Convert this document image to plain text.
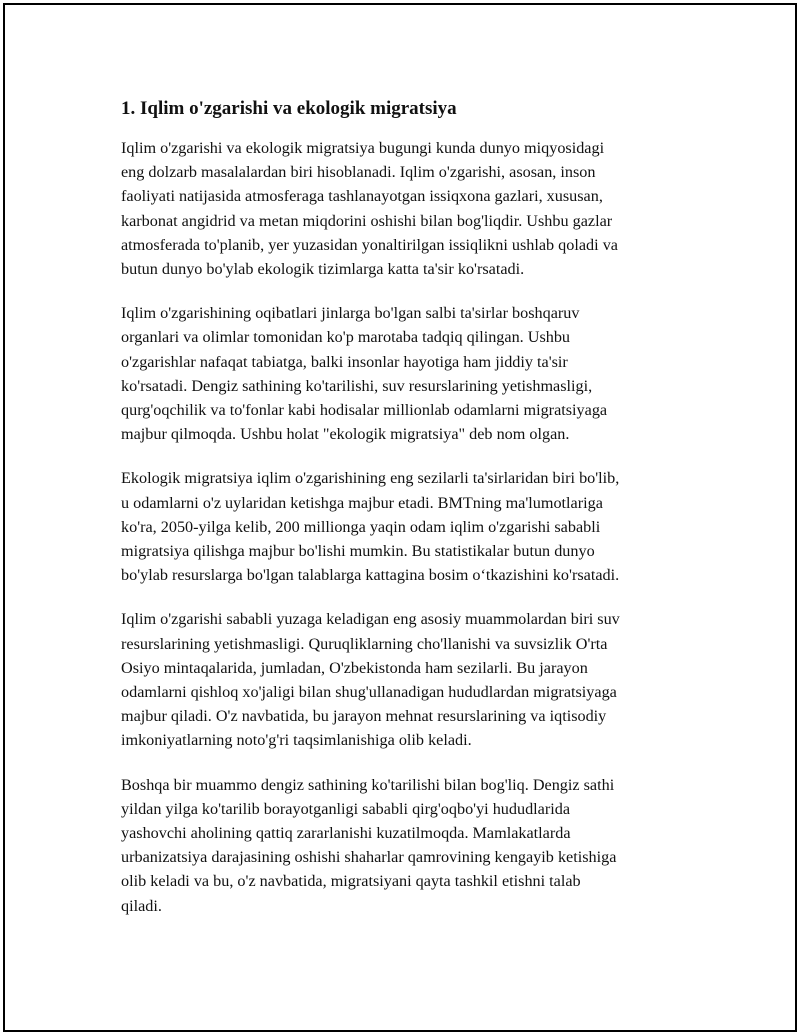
1. Iqlim o'zgarishi va ekologik migratsiya
Iqlim o'zgarishi va ekologik migratsiya bugungi kunda dunyo miqyosidagi
eng dolzarb masalalardan biri hisoblanadi. Iqlim o'zgarishi, asosan, inson
faoliyati natijasida atmosferaga tashlanayotgan issiqxona gazlari, xususan,
karbonat angidrid va metan miqdorini oshishi bilan bog'liqdir. Ushbu gazlar
atmosferada to'planib, yer yuzasidan yonaltirilgan issiqlikni ushlab qoladi va
butun dunyo bo'ylab ekologik tizimlarga katta ta'sir ko'rsatadi.
Iqlim o'zgarishining oqibatlari jinlarga bo'lgan salbi ta'sirlar boshqaruv
organlari va olimlar tomonidan ko'p marotaba tadqiq qilingan. Ushbu
o'zgarishlar nafaqat tabiatga, balki insonlar hayotiga ham jiddiy ta'sir
ko'rsatadi. Dengiz sathining ko'tarilishi, suv resurslarining yetishmasligi,
qurg'oqchilik va to'fonlar kabi hodisalar millionlab odamlarni migratsiyaga
majbur qilmoqda. Ushbu holat "ekologik migratsiya" deb nom olgan.
Ekologik migratsiya iqlim o'zgarishining eng sezilarli ta'sirlaridan biri bo'lib,
u odamlarni o'z uylaridan ketishga majbur etadi. BMTning ma'lumotlariga
ko'ra, 2050-yilga kelib, 200 millionga yaqin odam iqlim o'zgarishi sababli
migratsiya qilishga majbur bo'lishi mumkin. Bu statistikalar butun dunyo
bo'ylab resurslarga bo'lgan talablarga kattagina bosim o‘tkazishini ko'rsatadi.
Iqlim o'zgarishi sababli yuzaga keladigan eng asosiy muammolardan biri suv
resurslarining yetishmasligi. Quruqliklarning cho'llanishi va suvsizlik O'rta
Osiyo mintaqalarida, jumladan, O'zbekistonda ham sezilarli. Bu jarayon
odamlarni qishloq xo'jaligi bilan shug'ullanadigan hududlardan migratsiyaga
majbur qiladi. O'z navbatida, bu jarayon mehnat resurslarining va iqtisodiy
imkoniyatlarning noto'g'ri taqsimlanishiga olib keladi.
Boshqa bir muammo dengiz sathining ko'tarilishi bilan bog'liq. Dengiz sathi
yildan yilga ko'tarilib borayotganligi sababli qirg'oqbo'yi hududlarida
yashovchi aholining qattiq zararlanishi kuzatilmoqda. Mamlakatlarda
urbanizatsiya darajasining oshishi shaharlar qamrovining kengayib ketishiga
olib keladi va bu, o'z navbatida, migratsiyani qayta tashkil etishni talab
qiladi.
